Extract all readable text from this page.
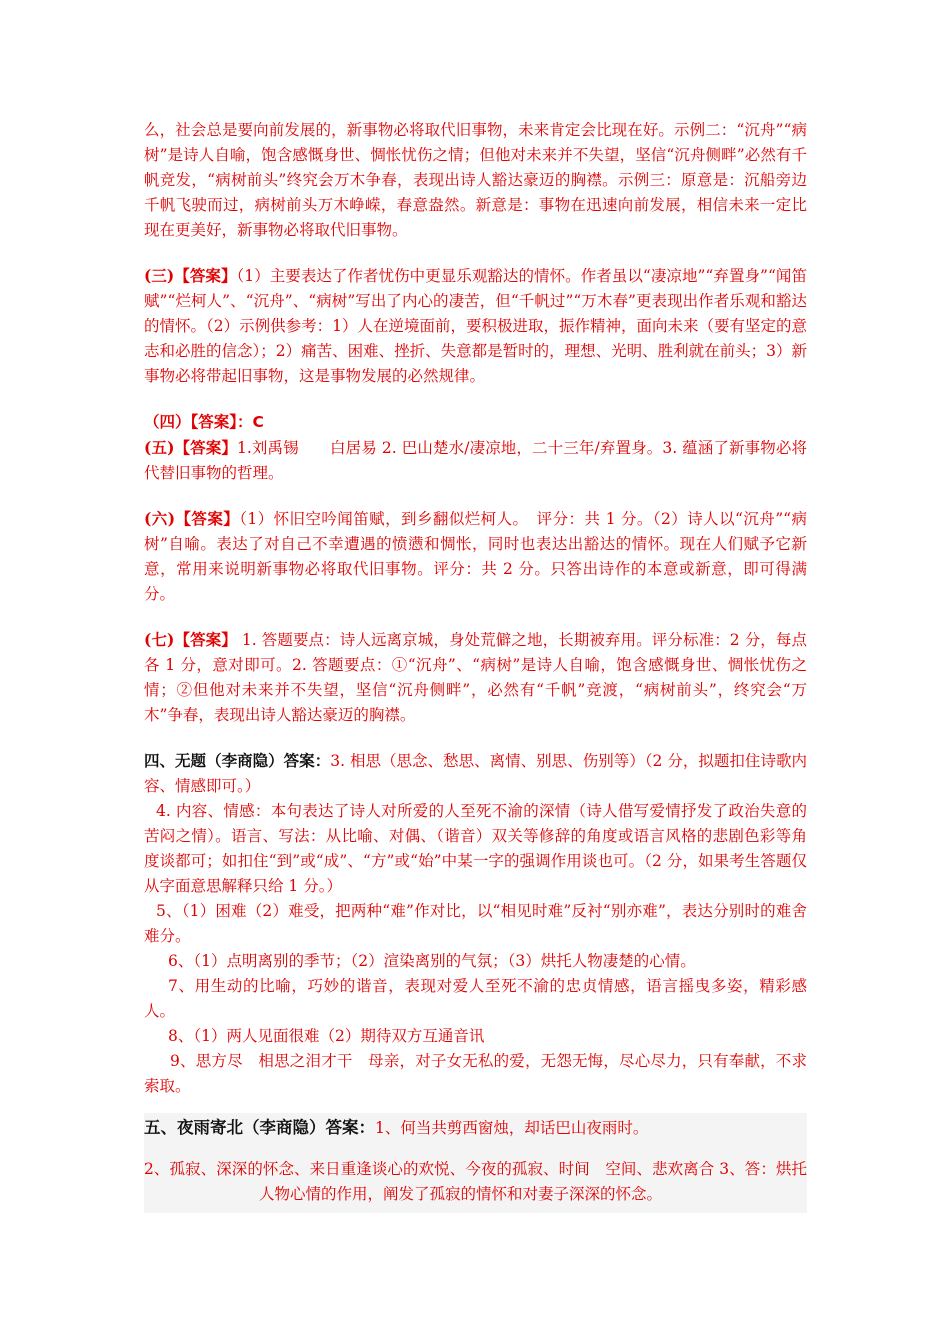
么，社会总是要向前发展的，新事物必将取代旧事物，未来肯定会比现在好。示例二：“沉舟”“病树”是诗人自喻，饱含感慨身世、惆怅忧伤之情；但他对未来并不失望，坚信“沉舟侧畔”必然有千帆竞发，“病树前头”终究会万木争春，表现出诗人豁达豪迈的胸襟。示例三：原意是：沉船旁边千帆飞驶而过，病树前头万木峥嵘，春意盎然。新意是：事物在迅速向前发展，相信未来一定比现在更美好，新事物必将取代旧事物。

(三)【答案】（1）主要表达了作者忧伤中更显乐观豁达的情怀。作者虽以“凄凉地”“弃置身”“闻笛赋”“烂柯人”、“沉舟”、“病树”写出了内心的凄苦，但“千帆过”“万木春”更表现出作者乐观和豁达的情怀。（2）示例供参考：1）人在逆境面前，要积极进取，振作精神，面向未来（要有坚定的意志和必胜的信念）；2）痛苦、困难、挫折、失意都是暂时的，理想、光明、胜利就在前头；3）新事物必将带起旧事物，这是事物发展的必然规律。

（四）【答案】：C

(五)【答案】1.刘禹锡　　白居易 2. 巴山楚水/凄凉地，二十三年/弃置身。3. 蕴涵了新事物必将代替旧事物的哲理。

(六)【答案】（1）怀旧空吟闻笛赋，到乡翻似烂柯人。　评分：共 1 分。（2）诗人以“沉舟”“病树”自喻。表达了对自己不幸遭遇的愤懑和惆怅，同时也表达出豁达的情怀。现在人们赋予它新意，常用来说明新事物必将取代旧事物。评分：共 2 分。只答出诗作的本意或新意，即可得满分。

(七)【答案】 1. 答题要点：诗人远离京城，身处荒僻之地，长期被弃用。评分标准：2 分，每点各 1 分，意对即可。2. 答题要点：①“沉舟”、“病树”是诗人自喻，饱含感慨身世、惆怅忧伤之情；②但他对未来并不失望，坚信“沉舟侧畔”，必然有“千帆”竞渡，“病树前头”，终究会“万木”争春，表现出诗人豁达豪迈的胸襟。

四、无题（李商隐）答案：3. 相思（思念、愁思、离情、别思、伤别等）（2 分，拟题扣住诗歌内容、情感即可。）

4. 内容、情感：本句表达了诗人对所爱的人至死不渝的深情（诗人借写爱情抒发了政治失意的苦闷之情）。语言、写法：从比喻、对偶、（谐音）双关等修辞的角度或语言风格的悲剧色彩等角度谈都可；如扣住“到”或“成”、“方”或“始”中某一字的强调作用谈也可。（2 分，如果考生答题仅从字面意思解释只给 1 分。）

5、（1）困难（2）难受，把两种“难”作对比，以“相见时难”反衬“别亦难”，表达分别时的难舍难分。

6、（1）点明离别的季节；（2）渲染离别的气氛；（3）烘托人物凄楚的心情。

7、用生动的比喻，巧妙的谐音，表现对爱人至死不渝的忠贞情感，语言摇曳多姿，精彩感人。

8、（1）两人见面很难（2）期待双方互通音讯

9、思方尽　相思之泪才干　母亲，对子女无私的爱，无怨无悔，尽心尽力，只有奉献，不求索取。

五、夜雨寄北（李商隐）答案：1、何当共剪西窗烛，却话巴山夜雨时。

2、孤寂、深深的怀念、来日重逢谈心的欢悦、今夜的孤寂、时间　空间、悲欢离合 3、答：烘托人物心情的作用，阐发了孤寂的情怀和对妻子深深的怀念。
